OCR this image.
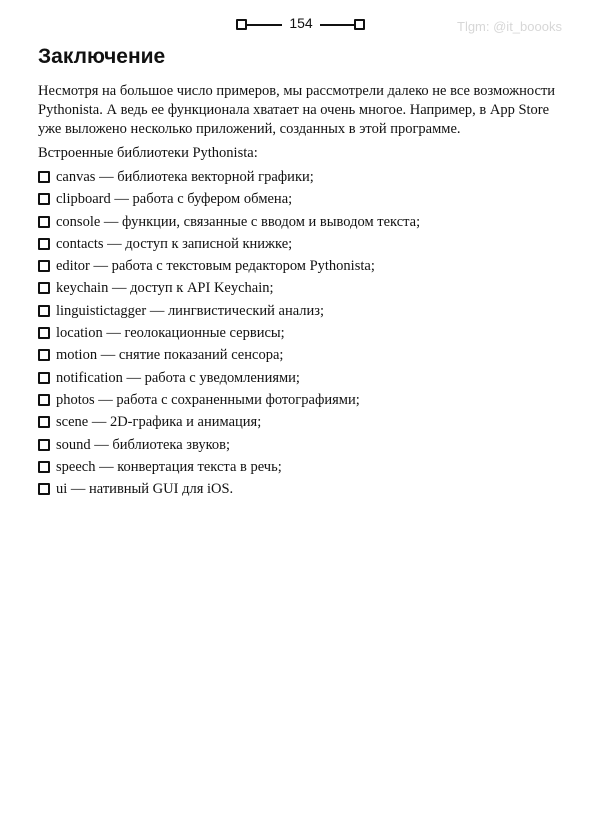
154	Tlgm: @it_boooks
Заключение

Несмотря на большое число примеров, мы рассмотрели далеко не все возможности Pythonista. А ведь ее функционала хватает на очень многое. Например, в App Store уже выложено несколько приложений, созданных в этой программе.

Встроенные библиотеки Pythonista:

canvas — библиотека векторной графики;
clipboard — работа с буфером обмена;
console — функции, связанные с вводом и выводом текста;
contacts — доступ к записной книжке;
editor — работа с текстовым редактором Pythonista;
keychain — доступ к API Keychain;
linguistictagger — лингвистический анализ;
location — геолокационные сервисы;
motion — снятие показаний сенсора;
notification — работа с уведомлениями;
photos — работа с сохраненными фотографиями;
scene — 2D-графика и анимация;
sound — библиотека звуков;
speech — конвертация текста в речь;
ui — нативный GUI для iOS.
